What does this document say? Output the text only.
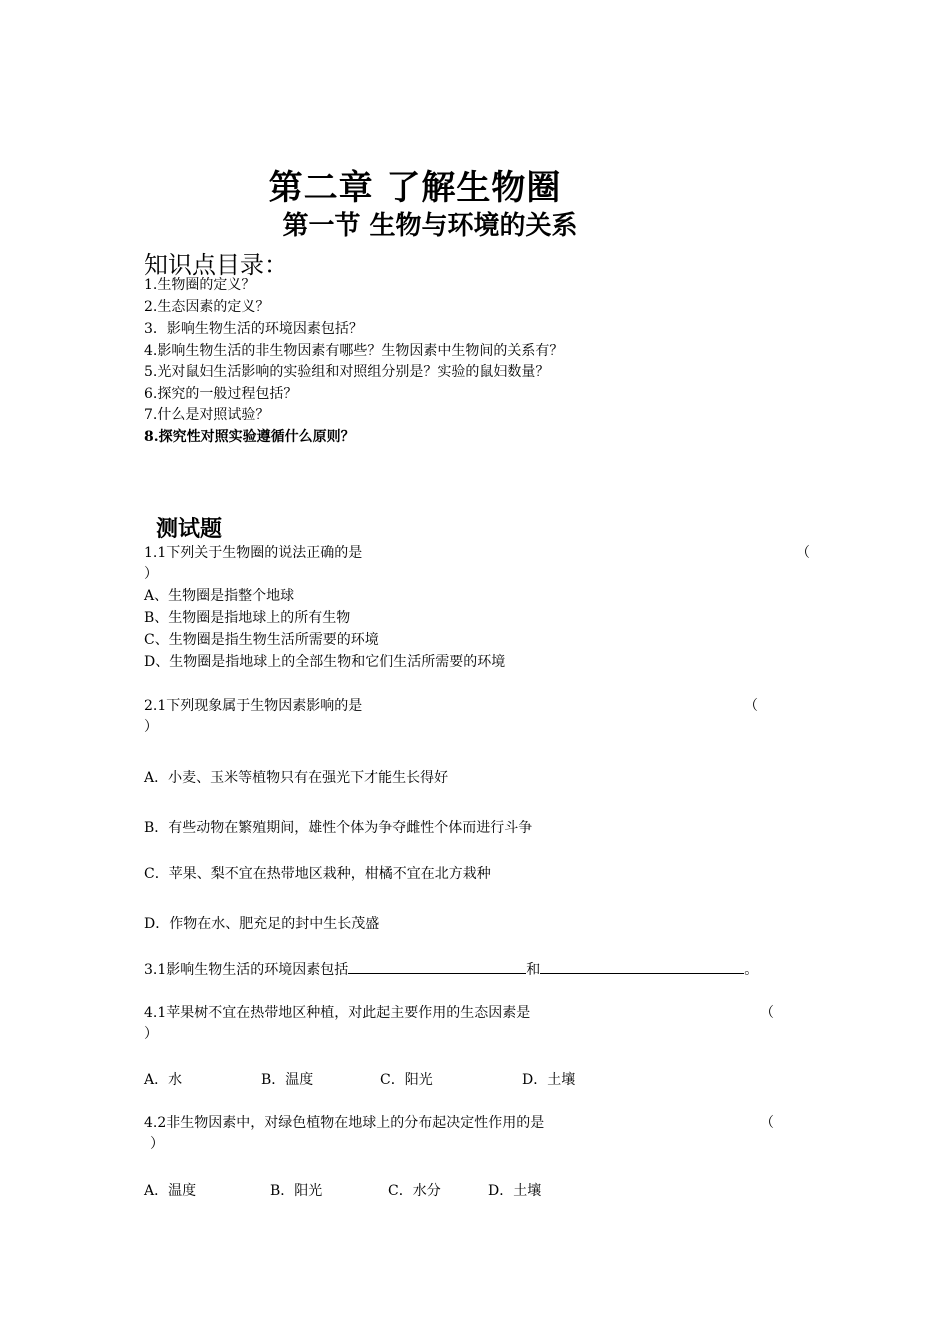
第二章 了解生物圈
第一节 生物与环境的关系
知识点目录：
1.生物圈的定义？
2.生态因素的定义？
3．影响生物生活的环境因素包括？
4.影响生物生活的非生物因素有哪些？生物因素中生物间的关系有？
5.光对鼠妇生活影响的实验组和对照组分别是？实验的鼠妇数量？
6.探究的一般过程包括？
7.什么是对照试验？
8.探究性对照实验遵循什么原则？
测试题
1.1下列关于生物圈的说法正确的是	（
）
A、生物圈是指整个地球
B、生物圈是指地球上的所有生物
C、生物圈是指生物生活所需要的环境
D、生物圈是指地球上的全部生物和它们生活所需要的环境
2.1下列现象属于生物因素影响的是	（
）
A．小麦、玉米等植物只有在强光下才能生长得好
B．有些动物在繁殖期间，雄性个体为争夺雌性个体而进行斗争
C．苹果、梨不宜在热带地区栽种，柑橘不宜在北方栽种
D．作物在水、肥充足的封中生长茂盛
3.1影响生物生活的环境因素包括	和	。
4.1苹果树不宜在热带地区种植，对此起主要作用的生态因素是	（
）
A．水	B．温度	C．阳光	D．土壤
4.2非生物因素中，对绿色植物在地球上的分布起决定性作用的是	（
）
A．温度	B．阳光	C．水分	D．土壤
